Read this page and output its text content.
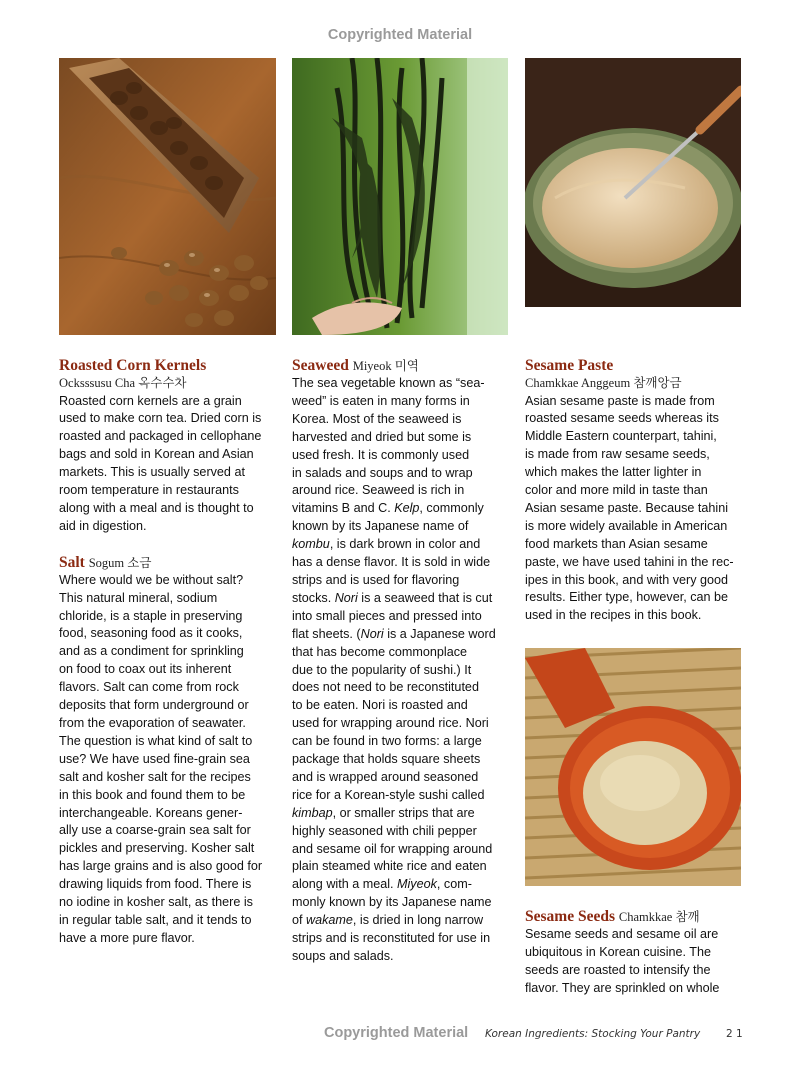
Copyrighted Material
Roasted Corn Kernels

Ocksssusu Cha 옥수수차

Roasted corn kernels are a grain
used to make corn tea. Dried corn is
roasted and packaged in cellophane
bags and sold in Korean and Asian
markets. This is usually served at
room temperature in restaurants
along with a meal and is thought to
aid in digestion.

Salt Sogum 소금

Where would we be without salt?
This natural mineral, sodium
chloride, is a staple in preserving
food, seasoning food as it cooks,
and as a condiment for sprinkling
on food to coax out its inherent
flavors. Salt can come from rock
deposits that form underground or
from the evaporation of seawater.
The question is what kind of salt to
use? We have used fine-grain sea
salt and kosher salt for the recipes
in this book and found them to be
interchangeable. Koreans gener-
ally use a coarse-grain sea salt for
pickles and preserving. Kosher salt
has large grains and is also good for
drawing liquids from food. There is
no iodine in kosher salt, as there is
in regular table salt, and it tends to
have a more pure flavor.

Seaweed Miyeok 미역

The sea vegetable known as “sea-
weed” is eaten in many forms in
Korea. Most of the seaweed is
harvested and dried but some is
used fresh. It is commonly used
in salads and soups and to wrap
around rice. Seaweed is rich in
vitamins B and C. Kelp, commonly
known by its Japanese name of
kombu, is dark brown in color and
has a dense flavor. It is sold in wide
strips and is used for flavoring
stocks. Nori is a seaweed that is cut
into small pieces and pressed into
flat sheets. (Nori is a Japanese word
that has become commonplace
due to the popularity of sushi.) It
does not need to be reconstituted
to be eaten. Nori is roasted and
used for wrapping around rice. Nori
can be found in two forms: a large
package that holds square sheets
and is wrapped around seasoned
rice for a Korean-style sushi called
kimbap, or smaller strips that are
highly seasoned with chili pepper
and sesame oil for wrapping around
plain steamed white rice and eaten
along with a meal. Miyeok, com-
monly known by its Japanese name
of wakame, is dried in long narrow
strips and is reconstituted for use in
soups and salads.

Sesame Paste

Chamkkae Anggeum 참깨앙금

Asian sesame paste is made from
roasted sesame seeds whereas its
Middle Eastern counterpart, tahini,
is made from raw sesame seeds,
which makes the latter lighter in
color and more mild in taste than
Asian sesame paste. Because tahini
is more widely available in American
food markets than Asian sesame
paste, we have used tahini in the rec-
ipes in this book, and with very good
results. Either type, however, can be
used in the recipes in this book.

Sesame Seeds Chamkkae 참깨

Sesame seeds and sesame oil are
ubiquitous in Korean cuisine. The
seeds are roasted to intensify the
flavor. They are sprinkled on whole

Copyrighted Material Korean Ingredients: Stocking Your Pantry 2 1
